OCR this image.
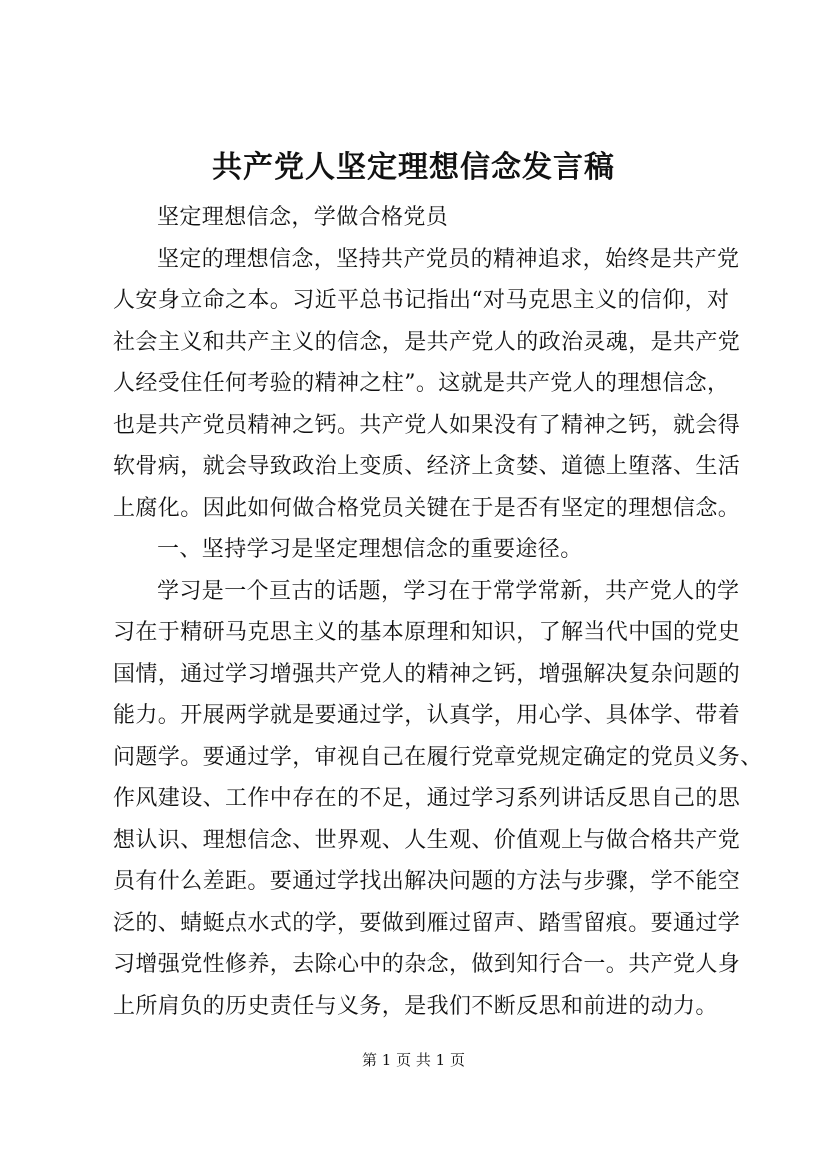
共产党人坚定理想信念发言稿
坚定理想信念，学做合格党员
坚定的理想信念，坚持共产党员的精神追求，始终是共产党
人安身立命之本。习近平总书记指出“对马克思主义的信仰，对
社会主义和共产主义的信念，是共产党人的政治灵魂，是共产党
人经受住任何考验的精神之柱”。这就是共产党人的理想信念，
也是共产党员精神之钙。共产党人如果没有了精神之钙，就会得
软骨病，就会导致政治上变质、经济上贪婪、道德上堕落、生活
上腐化。因此如何做合格党员关键在于是否有坚定的理想信念。
一、坚持学习是坚定理想信念的重要途径。
学习是一个亘古的话题，学习在于常学常新，共产党人的学
习在于精研马克思主义的基本原理和知识，了解当代中国的党史
国情，通过学习增强共产党人的精神之钙，增强解决复杂问题的
能力。开展两学就是要通过学，认真学，用心学、具体学、带着
问题学。要通过学，审视自己在履行党章党规定确定的党员义务、
作风建设、工作中存在的不足，通过学习系列讲话反思自己的思
想认识、理想信念、世界观、人生观、价值观上与做合格共产党
员有什么差距。要通过学找出解决问题的方法与步骤，学不能空
泛的、蜻蜓点水式的学，要做到雁过留声、踏雪留痕。要通过学
习增强党性修养，去除心中的杂念，做到知行合一。共产党人身
上所肩负的历史责任与义务，是我们不断反思和前进的动力。
第 1 页 共 1 页
